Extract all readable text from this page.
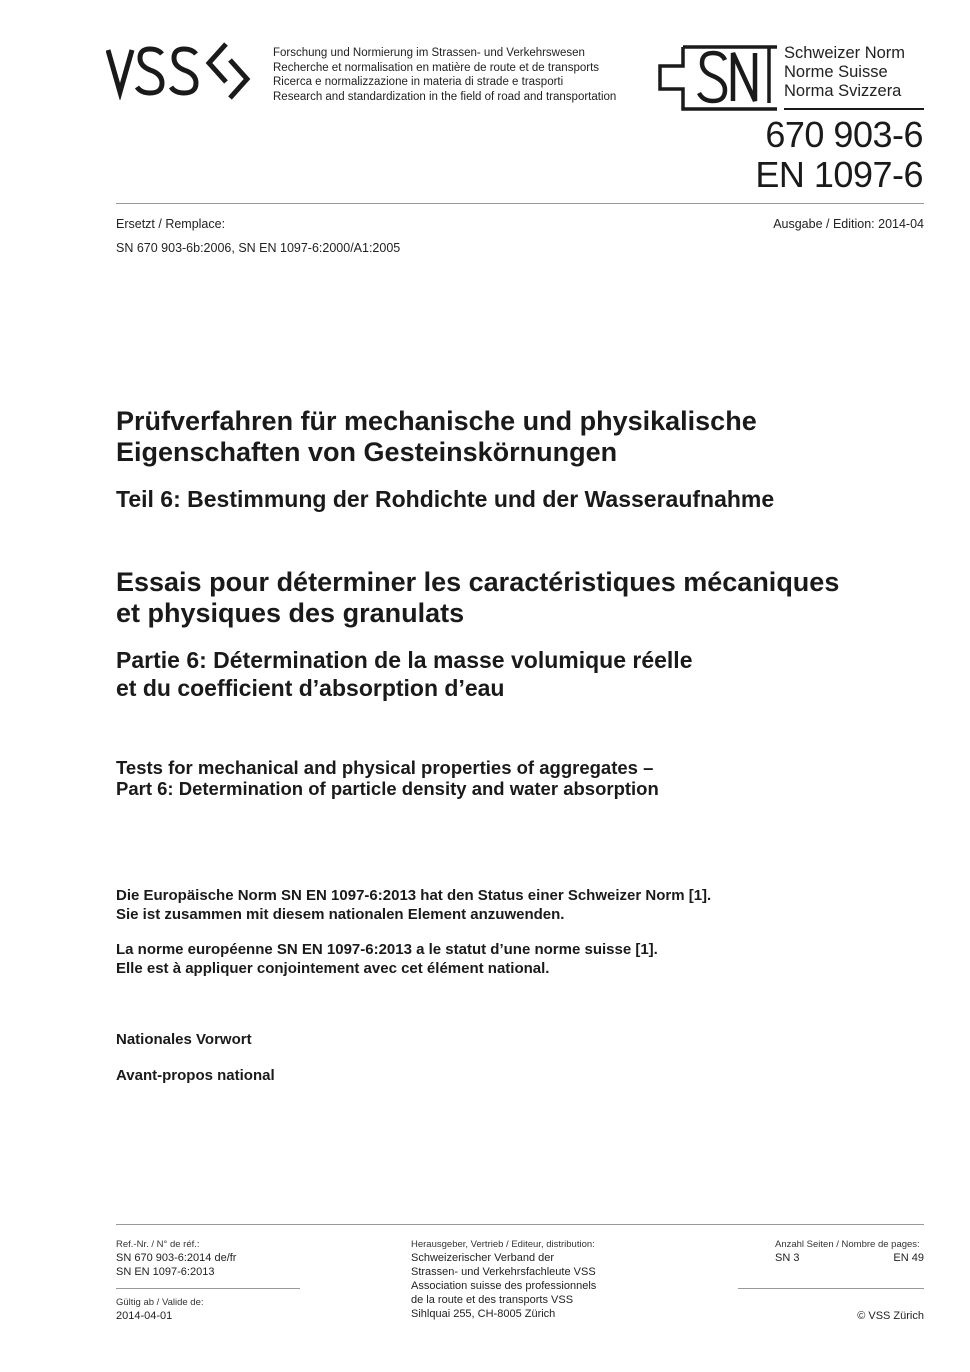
Forschung und Normierung im Strassen- und Verkehrswesen
Recherche et normalisation en matière de route et de transports
Ricerca e normalizzazione in materia di strade e trasporti
Research and standardization in the field of road and transportation
Schweizer Norm
Norme Suisse
Norma Svizzera
670 903-6
EN 1097-6
Ersetzt / Remplace:	Ausgabe / Edition: 2014-04
SN 670 903-6b:2006, SN EN 1097-6:2000/A1:2005
Prüfverfahren für mechanische und physikalische
Eigenschaften von Gesteinskörnungen
Teil 6: Bestimmung der Rohdichte und der Wasseraufnahme
Essais pour déterminer les caractéristiques mécaniques
et physiques des granulats
Partie 6: Détermination de la masse volumique réelle
et du coefficient d’absorption d’eau
Tests for mechanical and physical properties of aggregates –
Part 6: Determination of particle density and water absorption
Die Europäische Norm SN EN 1097-6:2013 hat den Status einer Schweizer Norm [1].
Sie ist zusammen mit diesem nationalen Element anzuwenden.
La norme européenne SN EN 1097-6:2013 a le statut d’une norme suisse [1].
Elle est à appliquer conjointement avec cet élément national.
Nationales Vorwort
Avant-propos national
Ref.-Nr. / N° de réf.:
SN 670 903-6:2014 de/fr
SN EN 1097-6:2013
Gültig ab / Valide de:
2014-04-01
Herausgeber, Vertrieb / Editeur, distribution:
Schweizerischer Verband der
Strassen- und Verkehrsfachleute VSS
Association suisse des professionnels
de la route et des transports VSS
Sihlquai 255, CH-8005 Zürich
Anzahl Seiten / Nombre de pages:
SN 3	EN 49
© VSS Zürich
